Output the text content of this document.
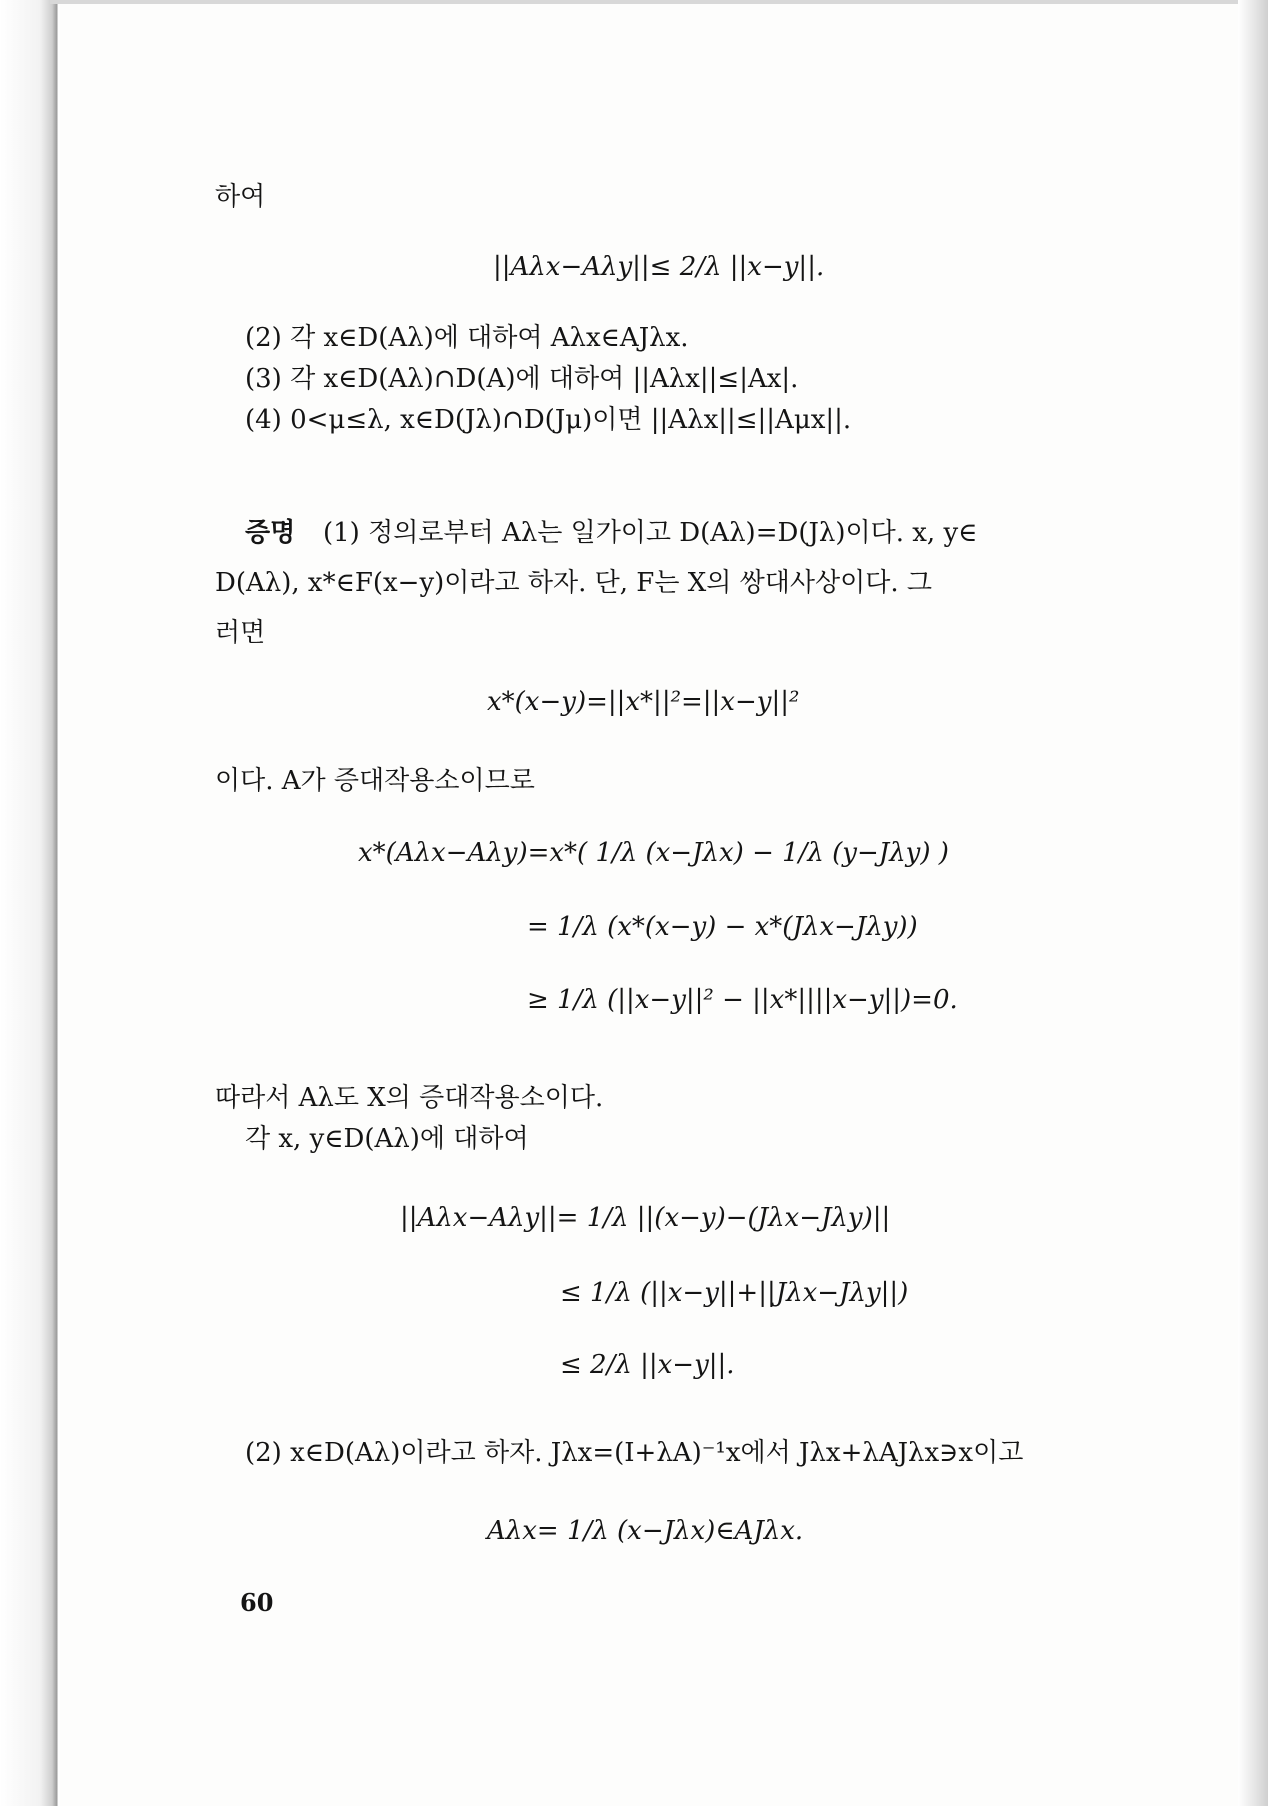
하여
||Aλx−Aλy||≤ 2/λ ||x−y||.
(2) 각 x∈D(Aλ)에 대하여 Aλx∈AJλx.
(3) 각 x∈D(Aλ)∩D(A)에 대하여 ||Aλx||≤|Ax|.
(4) 0<μ≤λ, x∈D(Jλ)∩D(Jμ)이면 ||Aλx||≤||Aμx||.
증명 (1) 정의로부터 Aλ는 일가이고 D(Aλ)=D(Jλ)이다. x, y∈
D(Aλ), x*∈F(x−y)이라고 하자. 단, F는 X의 쌍대사상이다. 그
러면
x*(x−y)=||x*||²=||x−y||²
이다. A가 증대작용소이므로
x*(Aλx−Aλy)=x*( 1/λ (x−Jλx) − 1/λ (y−Jλy) )
= 1/λ (x*(x−y) − x*(Jλx−Jλy))
≥ 1/λ (||x−y||² − ||x*||||x−y||)=0.
따라서 Aλ도 X의 증대작용소이다.
각 x, y∈D(Aλ)에 대하여
||Aλx−Aλy||= 1/λ ||(x−y)−(Jλx−Jλy)||
≤ 1/λ (||x−y||+||Jλx−Jλy||)
≤ 2/λ ||x−y||.
(2) x∈D(Aλ)이라고 하자. Jλx=(I+λA)⁻¹x에서 Jλx+λAJλx∋x이고
Aλx= 1/λ (x−Jλx)∈AJλx.
60
